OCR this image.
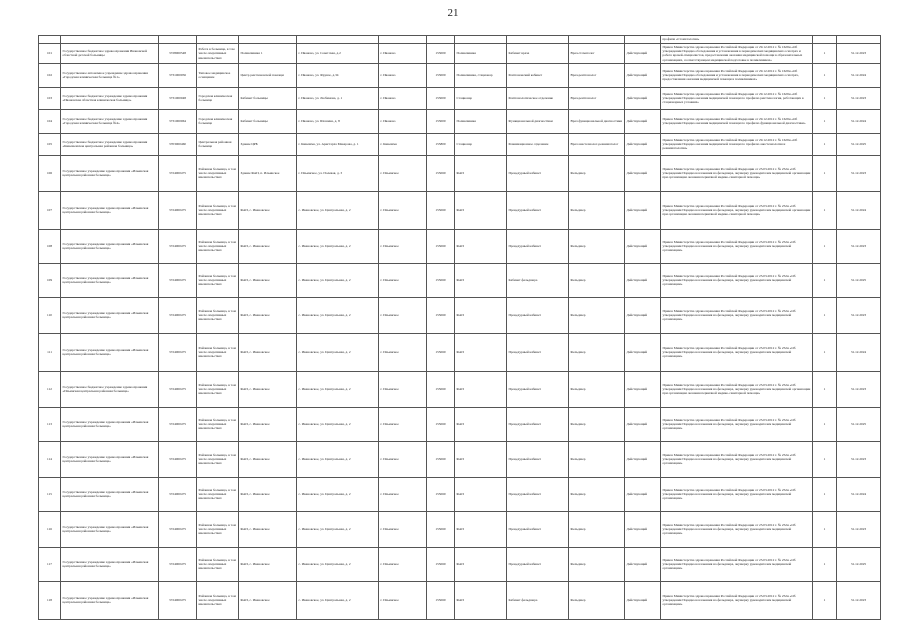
21
												профиля «Стоматология»		
101	Государственное бюджетное здравоохранения Ивановской областной детской больницы	3728000548	Работа в больнице, в том числе оперативных вмешательствах	Поликлиника 1	г. Иваново, ул. Советская, д.2	г. Иваново	153000	Поликлиника	Кабинет врача	Врач-стоматолог	Действующий	Приказ Министерства здравоохранения Российской Федерации от 29.12.2012 г. № 1629н «Об утверждении Порядка обследования и установления в периодических медицинских осмотрах и работе врачей-специалистов, предоставления оказания медицинской помощи в образовательных организациях, соответствующем медицинской подготовке в поликлиниках»	1	31.12.2023
102	Государственное автономное учреждение здравоохранения «Городская клиническая больница №1»	3731000056	Типовое медицинское оснащение	Центр рентгеновской помощи	г. Иваново, ул. Фрунзе, д.34	г. Иваново	153000	Поликлиника, стационар	Рентгеновский кабинет	Врач-рентгенолог	Действующий	Приказ Министерства здравоохранения Российской Федерации от 29.12.2012 г. № 1629н «Об утверждении Порядка обследования и установления в периодических медицинских осмотрах, предоставления оказания медицинской помощи в поликлиниках»	1	31.12.2024
103	Государственное бюджетное учреждение здравоохранения «Ивановская областная клиническая больница»	3731000048	Городская клиническая больница	Кабинет больницы	г. Иваново, ул. Любимова, д. 1	г. Иваново	153000	Стационар	Рентгенологическое отделение	Врач-рентгенолог	Действующий	Приказ Министерства здравоохранения Российской Федерации от 29.12.2012 г. № 1629н «Об утверждении Порядка оказания медицинской помощи по профилю рентгенология, работающих в стационарных условиях»	1	31.12.2023
104	Государственное бюджетное учреждение здравоохранения «Городская клиническая больница №4»	3731000064	Городская клиническая больница	Кабинет больницы	г. Иваново, ул. Шошина, д. 8	г. Иваново	153000	Поликлиника	Функциональной диагностики	Врач функциональной диагностики	Действующий	Приказ Министерства здравоохранения Российской Федерации от 29.12.2012 г. № 1629н «Об утверждении Порядка оказания медицинской помощи по профилю функциональной диагностики»	1	31.12.2024
105	Государственное бюджетное учреждение здравоохранения «Кинешемская центральная районная больница»	3703000460	Центральная районная больница	Здание ЦРБ	г. Кинешма, ул. Аристарха Макарова, д. 1	г. Кинешма	155800	Стационар	Реанимационное отделение	Врач анестезиолог-реаниматолог	Действующий	Приказ Министерства здравоохранения Российской Федерации от 29.12.2012 г. № 1629н «Об утверждении Порядка оказания медицинской помощи по профилю анестезиология и реаниматология»	1	31.12.2025
106	Государственное учреждение здравоохранения «Ильинская центральная районная больница»	3724000475	Районная больница, в том числе оперативных вмешательствах	Здание ФАП, п. Ильинское	г. Ильинское, ул. Полевая, д. 3	г. Ильинское	155060	ФАП	Процедурный кабинет	Фельдшер	Действующий	Приказ Министерства здравоохранения Российской Федерации от 23.03.2012 г. № 252н «Об утверждении Порядка возложения на фельдшера, акушерку руководителем медицинской организации при организации оказания первичной медико-санитарной помощи»	1	31.12.2023
107	Государственное учреждение здравоохранения «Ильинская центральная районная больница»	3724000475	Районная больница, в том числе оперативных вмешательствах	ФАП, с. Ивановское	с. Ивановское, ул. Центральная, д. 2	г. Ильинское	155060	ФАП	Процедурный кабинет	Фельдшер	Действующий	Приказ Министерства здравоохранения Российской Федерации от 23.03.2012 г. № 252н «Об утверждении Порядка возложения на фельдшера, акушерку руководителем медицинской организации при организации оказания первичной медико-санитарной помощи»	1	31.12.2024
108	Государственное учреждение здравоохранения «Ильинская центральная районная больница»	3724000475	Районная больница, в том числе оперативных вмешательствах	ФАП, с. Ивановское	с. Ивановское, ул. Центральная, д. 2	г. Ильинское	155060	ФАП	Процедурный кабинет	Фельдшер	Действующий	Приказ Министерства здравоохранения Российской Федерации от 23.03.2012 г. № 252н «Об утверждении Порядка возложения на фельдшера, акушерку руководителем медицинской организации»	1	31.12.2023
109	Государственное учреждение здравоохранения «Ильинская центральная районная больница»	3724000475	Районная больница, в том числе оперативных вмешательствах	ФАП, с. Ивановское	с. Ивановское, ул. Центральная, д. 2	г. Ильинское	155060	ФАП	Кабинет фельдшера	Фельдшер	Действующий	Приказ Министерства здравоохранения Российской Федерации от 23.03.2012 г. № 252н «Об утверждении Порядка возложения на фельдшера, акушерку руководителем медицинской организации»	1	31.12.2025
110	Государственное учреждение здравоохранения «Ильинская центральная районная больница»	3724000475	Районная больница, в том числе оперативных вмешательствах	ФАП, с. Ивановское	с. Ивановское, ул. Центральная, д. 2	г. Ильинское	155060	ФАП	Процедурный кабинет	Фельдшер	Действующий	Приказ Министерства здравоохранения Российской Федерации от 23.03.2012 г. № 252н «Об утверждении Порядка возложения на фельдшера, акушерку руководителем медицинской организации»	1	31.12.2023
111	Государственное учреждение здравоохранения «Ильинская центральная районная больница»	3724000475	Районная больница, в том числе оперативных вмешательствах	ФАП, с. Ивановское	с. Ивановское, ул. Центральная, д. 2	г. Ильинское	155060	ФАП	Процедурный кабинет	Фельдшер	Действующий	Приказ Министерства здравоохранения Российской Федерации от 23.03.2012 г. № 252н «Об утверждении Порядка возложения на фельдшера, акушерку руководителем медицинской организации»	1	31.12.2024
112	Государственное бюджетное учреждение здравоохранения «Ильинская центральная районная больница»	3724000475	Районная больница, в том числе оперативных вмешательствах	ФАП, с. Ивановское	с. Ивановское, ул. Центральная, д. 2	г. Ильинское	155060	ФАП	Процедурный кабинет	Фельдшер	Действующий	Приказ Министерства здравоохранения Российской Федерации от 23.03.2012 г. № 252н «Об утверждении Порядка возложения на фельдшера, акушерку руководителем медицинской организации при организации оказания первичной медико-санитарной помощи»	1	31.12.2023
113	Государственное учреждение здравоохранения «Ильинская центральная районная больница»	3724000475	Районная больница, в том числе оперативных вмешательствах	ФАП, с. Ивановское	с. Ивановское, ул. Центральная, д. 2	г. Ильинское	155060	ФАП	Процедурный кабинет	Фельдшер	Действующий	Приказ Министерства здравоохранения Российской Федерации от 23.03.2012 г. № 252н «Об утверждении Порядка возложения на фельдшера, акушерку руководителем медицинской организации»	1	31.12.2025
114	Государственное учреждение здравоохранения «Ильинская центральная районная больница»	3724000475	Районная больница, в том числе оперативных вмешательствах	ФАП, с. Ивановское	с. Ивановское, ул. Центральная, д. 2	г. Ильинское	155060	ФАП	Процедурный кабинет	Фельдшер	Действующий	Приказ Министерства здравоохранения Российской Федерации от 23.03.2012 г. № 252н «Об утверждении Порядка возложения на фельдшера, акушерку руководителем медицинской организации»	1	31.12.2023
115	Государственное учреждение здравоохранения «Ильинская центральная районная больница»	3724000475	Районная больница, в том числе оперативных вмешательствах	ФАП, с. Ивановское	с. Ивановское, ул. Центральная, д. 2	г. Ильинское	155060	ФАП	Процедурный кабинет	Фельдшер	Действующий	Приказ Министерства здравоохранения Российской Федерации от 23.03.2012 г. № 252н «Об утверждении Порядка возложения на фельдшера, акушерку руководителем медицинской организации»	1	31.12.2024
116	Государственное учреждение здравоохранения «Ильинская центральная районная больница»	3724000475	Районная больница, в том числе оперативных вмешательствах	ФАП, с. Ивановское	с. Ивановское, ул. Центральная, д. 2	г. Ильинское	155060	ФАП	Процедурный кабинет	Фельдшер	Действующий	Приказ Министерства здравоохранения Российской Федерации от 23.03.2012 г. № 252н «Об утверждении Порядка возложения на фельдшера, акушерку руководителем медицинской организации»	1	31.12.2023
117	Государственное учреждение здравоохранения «Ильинская центральная районная больница»	3724000475	Районная больница, в том числе оперативных вмешательствах	ФАП, с. Ивановское	с. Ивановское, ул. Центральная, д. 2	г. Ильинское	155060	ФАП	Процедурный кабинет	Фельдшер	Действующий	Приказ Министерства здравоохранения Российской Федерации от 23.03.2012 г. № 252н «Об утверждении Порядка возложения на фельдшера, акушерку руководителем медицинской организации»	1	31.12.2025
118	Государственное учреждение здравоохранения «Ильинская центральная районная больница»	3724000475	Районная больница, в том числе оперативных вмешательствах	ФАП, с. Ивановское	с. Ивановское, ул. Центральная, д. 2	г. Ильинское	155060	ФАП	Кабинет фельдшера	Фельдшер	Действующий	Приказ Министерства здравоохранения Российской Федерации от 23.03.2012 г. № 252н «Об утверждении Порядка возложения на фельдшера, акушерку руководителем медицинской организации»	1	31.12.2023
